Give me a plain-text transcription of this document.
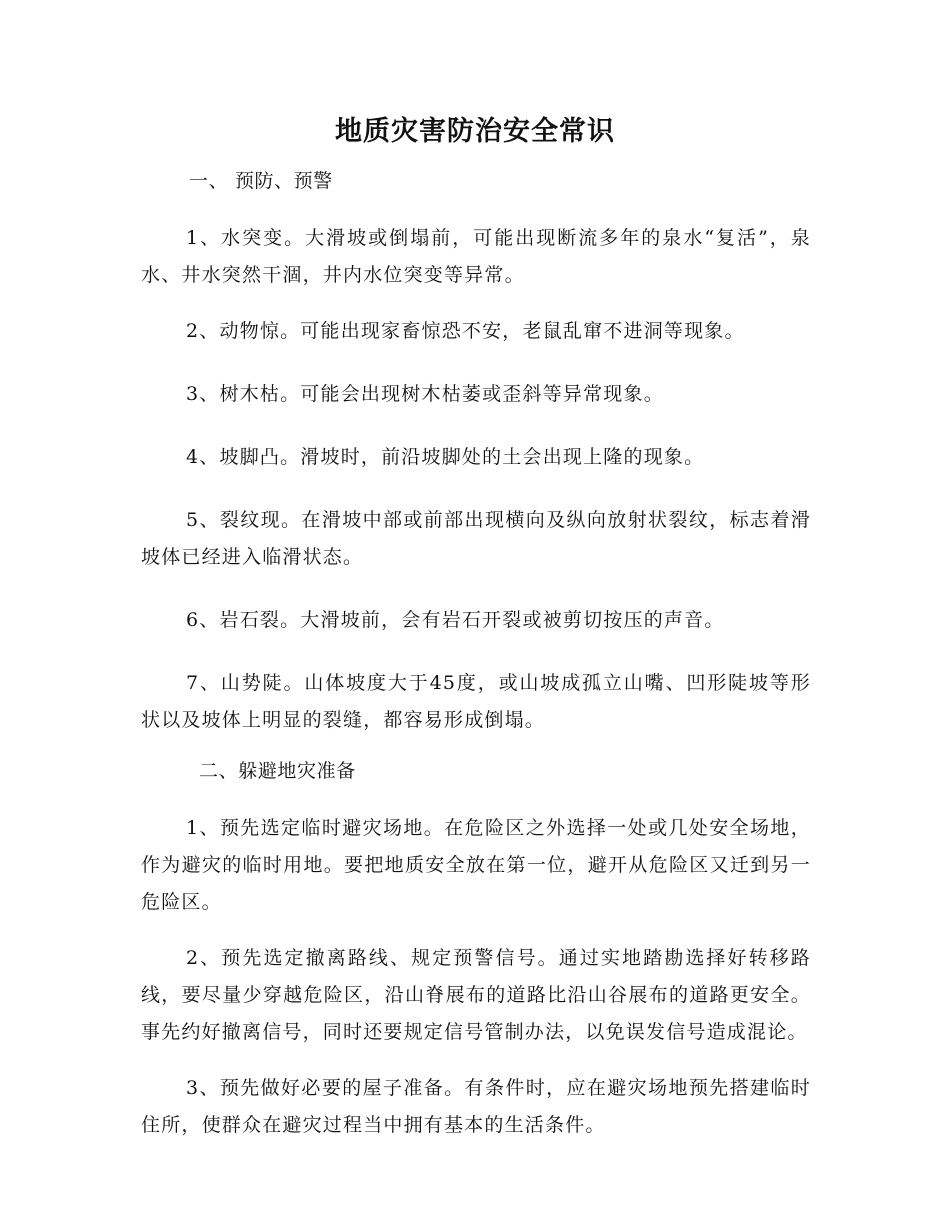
地质灾害防治安全常识

一、 预防、预警

1、水突变。大滑坡或倒塌前，可能出现断流多年的泉水“复活”，泉水、井水突然干涸，井内水位突变等异常。

2、动物惊。可能出现家畜惊恐不安，老鼠乱窜不进洞等现象。

3、树木枯。可能会出现树木枯萎或歪斜等异常现象。

4、坡脚凸。滑坡时，前沿坡脚处的土会出现上隆的现象。

5、裂纹现。在滑坡中部或前部出现横向及纵向放射状裂纹，标志着滑坡体已经进入临滑状态。

6、岩石裂。大滑坡前，会有岩石开裂或被剪切按压的声音。

7、山势陡。山体坡度大于45度，或山坡成孤立山嘴、凹形陡坡等形状以及坡体上明显的裂缝，都容易形成倒塌。

二、躲避地灾准备

1、预先选定临时避灾场地。在危险区之外选择一处或几处安全场地，作为避灾的临时用地。要把地质安全放在第一位，避开从危险区又迁到另一危险区。

2、预先选定撤离路线、规定预警信号。通过实地踏勘选择好转移路线，要尽量少穿越危险区，沿山脊展布的道路比沿山谷展布的道路更安全。事先约好撤离信号，同时还要规定信号管制办法，以免误发信号造成混论。

3、预先做好必要的屋子准备。有条件时，应在避灾场地预先搭建临时住所，使群众在避灾过程当中拥有基本的生活条件。
